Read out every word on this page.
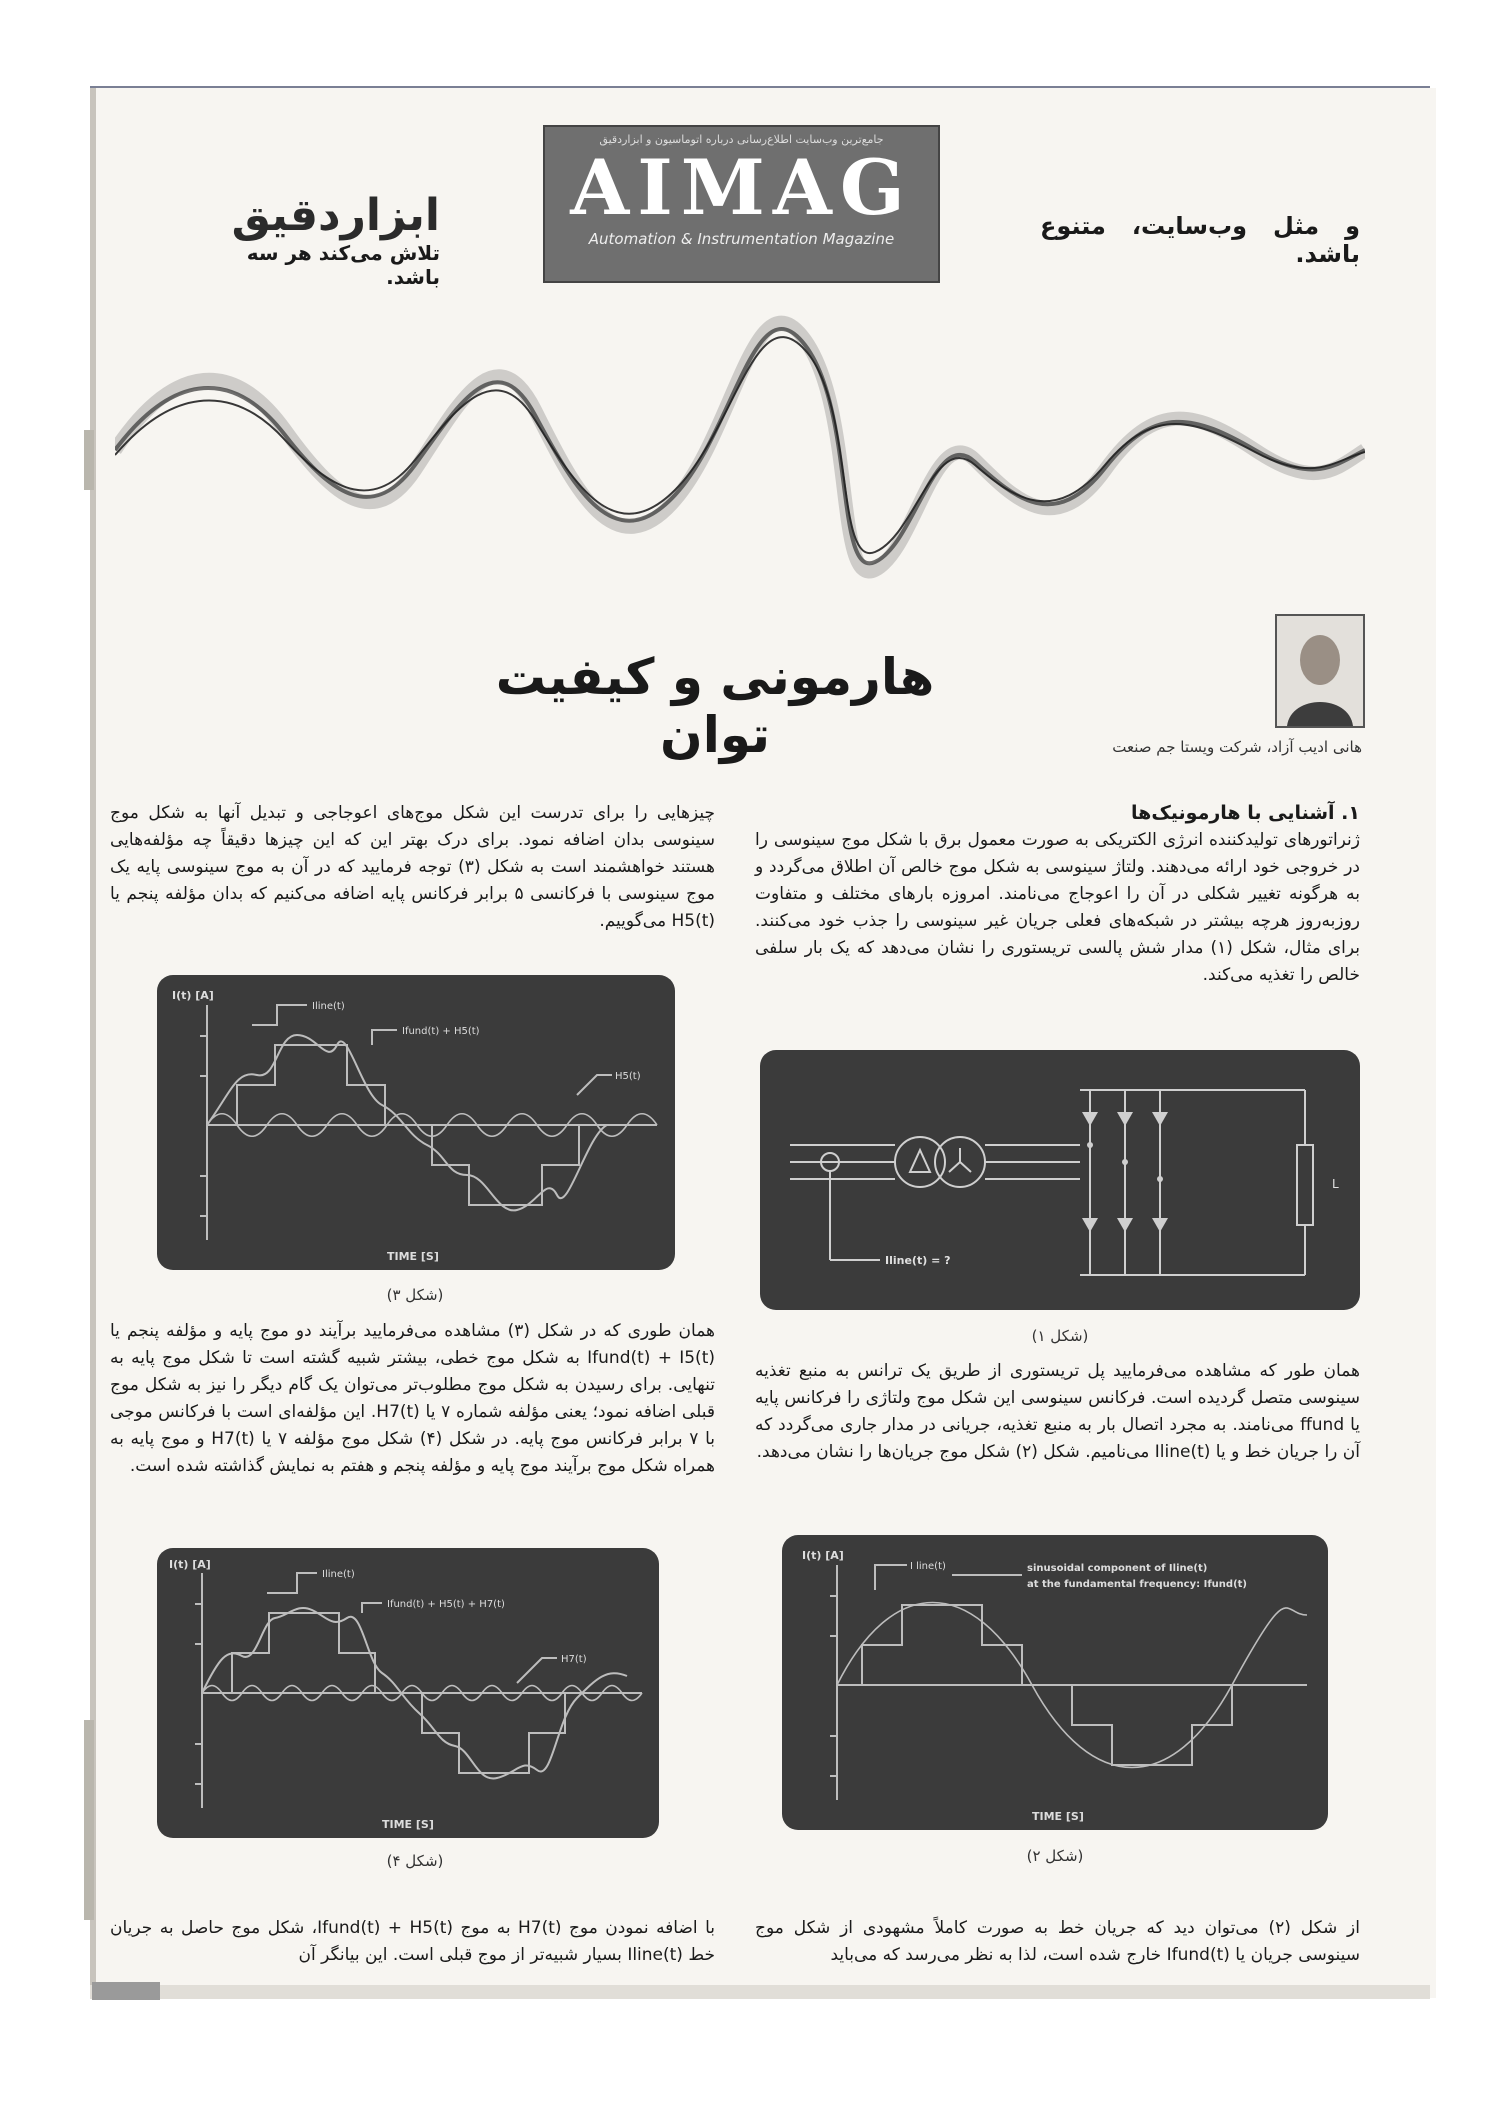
و مثل وب‌سایت، متنوع باشد.
ابزاردقیق
تلاش می‌کند هر سه باشد.
جامع‌ترین وب‌سایت اطلاع‌رسانی درباره اتوماسیون و ابزاردقیق
AIMAG
Automation & Instrumentation Magazine
هارمونی و کیفیت توان	هانی ادیب آزاد، شرکت ویستا جم صنعت
۱. آشنایی با هارمونیک‌ها
ژنراتورهای تولیدکننده انرژی الکتریکی به صورت معمول برق با شکل موج سینوسی را در خروجی خود ارائه می‌دهند. ولتاژ سینوسی به شکل موج خالص آن اطلاق می‌گردد و به هرگونه تغییر شکلی در آن را اعوجاج می‌نامند. امروزه بارهای مختلف و متفاوت روزبه‌روز هرچه بیشتر در شبکه‌های فعلی جریان غیر سینوسی را جذب خود می‌کنند. برای مثال، شکل (۱) مدار شش پالسی تریستوری را نشان می‌دهد که یک بار سلفی خالص را تغذیه می‌کند.
L
Iline(t) = ?
(شکل ۱)
همان طور که مشاهده می‌فرمایید پل تریستوری از طریق یک ترانس به منبع تغذیه سینوسی متصل گردیده است. فرکانس سینوسی این شکل موج ولتاژی را فرکانس پایه یا ffund می‌نامند. به مجرد اتصال بار به منبع تغذیه، جریانی در مدار جاری می‌گردد که آن را جریان خط و یا Iline(t) می‌نامیم. شکل (۲) شکل موج جریان‌ها را نشان می‌دهد.
I(t) [A]
TIME [S]
I line(t)	sinusoidal component of Iline(t)
at the fundamental frequency: Ifund(t)
(شکل ۲)
از شکل (۲) می‌توان دید که جریان خط به صورت کاملاً مشهودی از شکل موج سینوسی جریان یا Ifund(t) خارج شده است، لذا به نظر می‌رسد که می‌باید
چیزهایی را برای تدرست این شکل موج‌های اعوجاجی و تبدیل آنها به شکل موج سینوسی بدان اضافه نمود. برای درک بهتر این که این چیزها دقیقاً چه مؤلفه‌هایی هستند خواهشمند است به شکل (۳) توجه فرمایید که در آن به موج سینوسی پایه یک موج سینوسی با فرکانسی ۵ برابر فرکانس پایه اضافه می‌کنیم که بدان مؤلفه پنجم یا H5(t) می‌گوییم.
I(t) [A]
TIME [S]
Iline(t)
Ifund(t) + H5(t)
H5(t)
(شکل ۳)
همان طوری که در شکل (۳) مشاهده می‌فرمایید برآیند دو موج پایه و مؤلفه پنجم یا Ifund(t) + I5(t) به شکل موج خطی، بیشتر شبیه گشته است تا شکل موج پایه به تنهایی. برای رسیدن به شکل موج مطلوب‌تر می‌توان یک گام دیگر را نیز به شکل موج قبلی اضافه نمود؛ یعنی مؤلفه شماره ۷ یا H7(t). این مؤلفه‌ای است با فرکانس موجی با ۷ برابر فرکانس موج پایه. در شکل (۴) شکل موج مؤلفه ۷ یا H7(t) و موج پایه به همراه شکل موج برآیند موج پایه و مؤلفه پنجم و هفتم به نمایش گذاشته شده است.
I(t) [A]
TIME [S]
Iline(t)
Ifund(t) + H5(t) + H7(t)
H7(t)
(شکل ۴)
با اضافه نمودن موج H7(t) به موج Ifund(t) + H5(t)، شکل موج حاصل به جریان خط Iline(t) بسیار شبیه‌تر از موج قبلی است. این بیانگر آن
